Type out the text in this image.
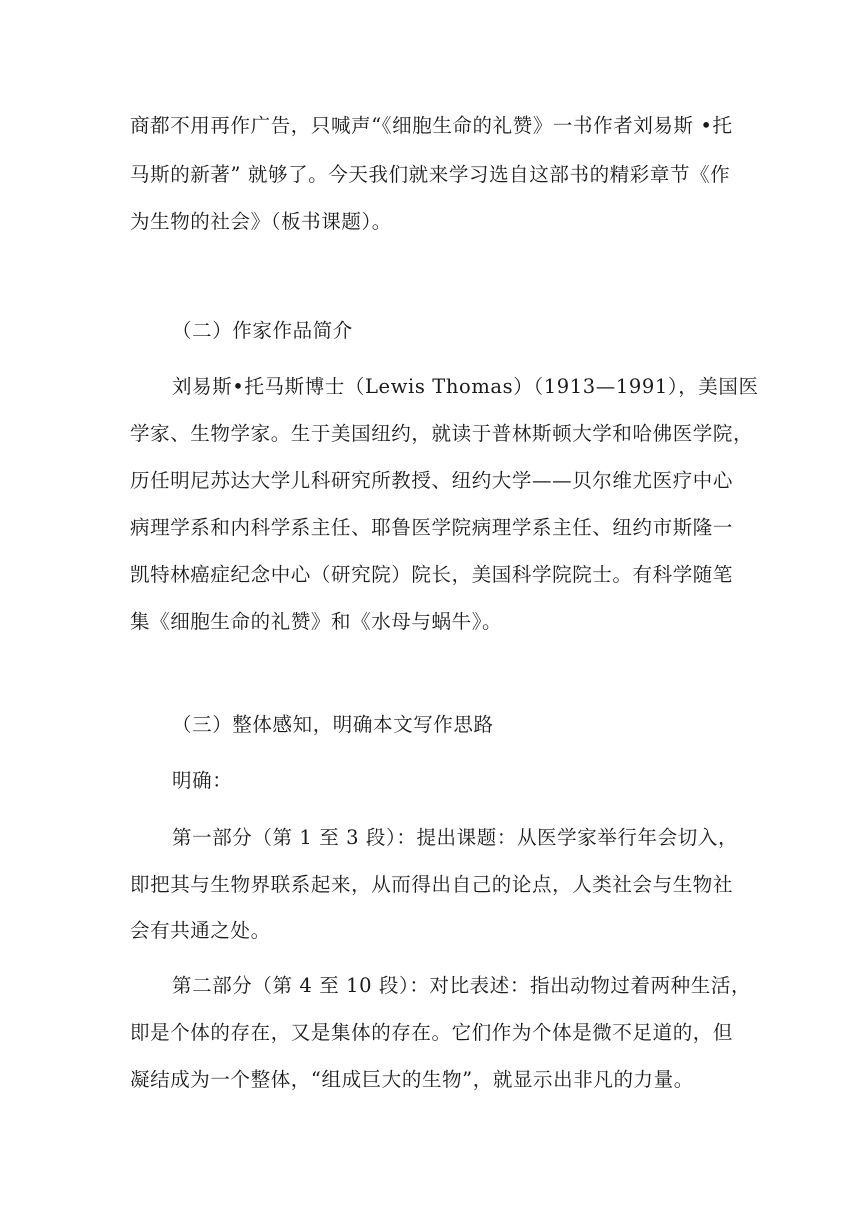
商都不用再作广告，只喊声“《细胞生命的礼赞》一书作者刘易斯 •托
马斯的新著” 就够了。今天我们就来学习选自这部书的精彩章节《作
为生物的社会》（板书课题）。
（二）作家作品简介
刘易斯•托马斯博士（Lewis Thomas）（1913—1991），美国医
学家、生物学家。生于美国纽约，就读于普林斯顿大学和哈佛医学院，
历任明尼苏达大学儿科研究所教授、纽约大学——贝尔维尤医疗中心
病理学系和内科学系主任、耶鲁医学院病理学系主任、纽约市斯隆一
凯特林癌症纪念中心（研究院）院长，美国科学院院士。有科学随笔
集《细胞生命的礼赞》和《水母与蜗牛》。
（三）整体感知，明确本文写作思路
明确：
第一部分（第 1 至 3 段）：提出课题：从医学家举行年会切入，
即把其与生物界联系起来，从而得出自己的论点，人类社会与生物社
会有共通之处。
第二部分（第 4 至 10 段）：对比表述：指出动物过着两种生活，
即是个体的存在，又是集体的存在。它们作为个体是微不足道的，但
凝结成为一个整体，“组成巨大的生物”，就显示出非凡的力量。
